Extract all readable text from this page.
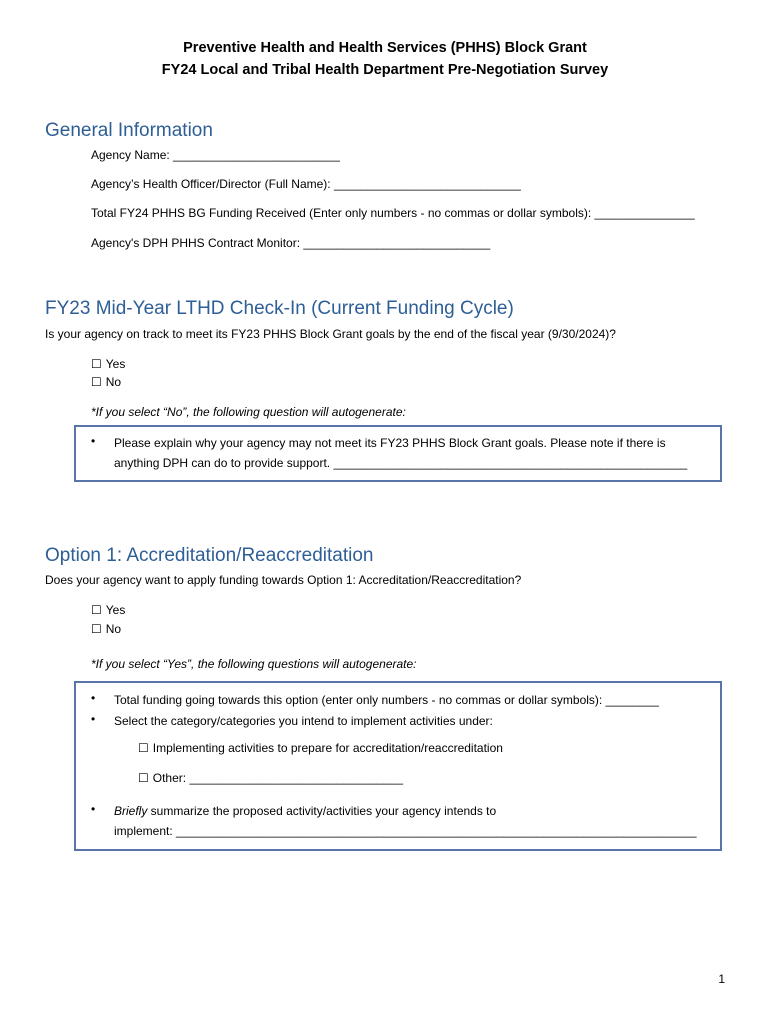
Preventive Health and Health Services (PHHS) Block Grant
FY24 Local and Tribal Health Department Pre-Negotiation Survey
General Information
Agency Name: _________________________
Agency’s Health Officer/Director (Full Name): ____________________________
Total FY24 PHHS BG Funding Received (Enter only numbers - no commas or dollar symbols): _______________
Agency's DPH PHHS Contract Monitor: ____________________________
FY23 Mid-Year LTHD Check-In (Current Funding Cycle)
Is your agency on track to meet its FY23 PHHS Block Grant goals by the end of the fiscal year (9/30/2024)?
☐ Yes
☐ No
*If you select “No”, the following question will autogenerate:
• Please explain why your agency may not meet its FY23 PHHS Block Grant goals. Please note if there is
anything DPH can do to provide support. _____________________________________________________
Option 1: Accreditation/Reaccreditation
Does your agency want to apply funding towards Option 1: Accreditation/Reaccreditation?
☐ Yes
☐ No
*If you select “Yes”, the following questions will autogenerate:
• Total funding going towards this option (enter only numbers - no commas or dollar symbols): ________
• Select the category/categories you intend to implement activities under:
☐ Implementing activities to prepare for accreditation/reaccreditation
☐ Other: ________________________________
• Briefly summarize the proposed activity/activities your agency intends to
implement: ______________________________________________________________________________
1
